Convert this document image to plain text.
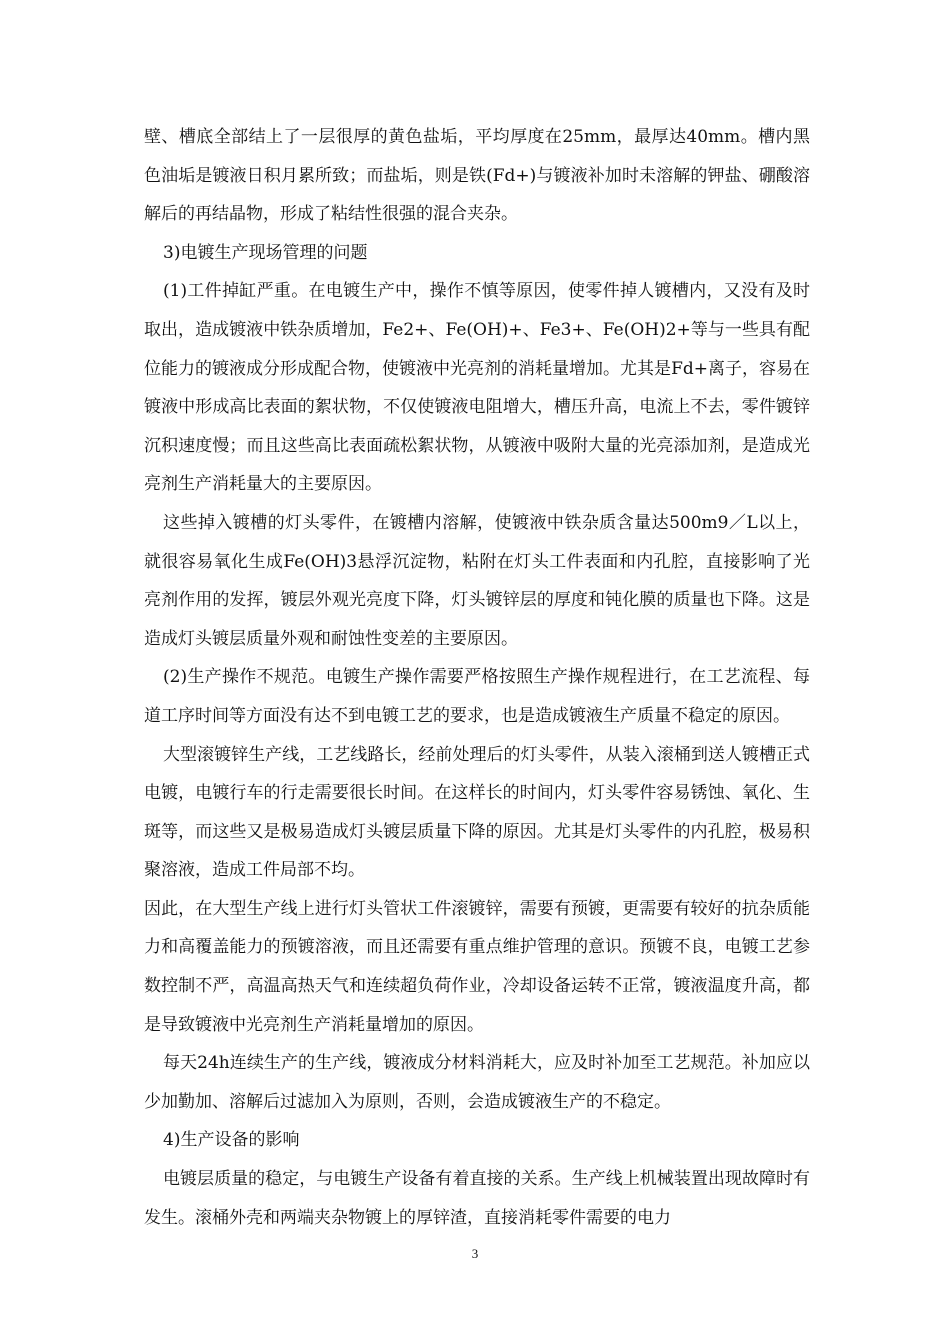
壁、槽底全部结上了一层很厚的黄色盐垢，平均厚度在25mm，最厚达40mm。槽内黑色油垢是镀液日积月累所致；而盐垢，则是铁(Fd+)与镀液补加时未溶解的钾盐、硼酸溶解后的再结晶物，形成了粘结性很强的混合夹杂。

3)电镀生产现场管理的问题

(1)工件掉缸严重。在电镀生产中，操作不慎等原因，使零件掉人镀槽内，又没有及时取出，造成镀液中铁杂质增加，Fe2+、Fe(OH)+、Fe3+、Fe(OH)2+等与一些具有配位能力的镀液成分形成配合物，使镀液中光亮剂的消耗量增加。尤其是Fd+离子，容易在镀液中形成高比表面的絮状物，不仅使镀液电阻增大，槽压升高，电流上不去，零件镀锌沉积速度慢；而且这些高比表面疏松絮状物，从镀液中吸附大量的光亮添加剂，是造成光亮剂生产消耗量大的主要原因。

这些掉入镀槽的灯头零件，在镀槽内溶解，使镀液中铁杂质含量达500m9／L以上，就很容易氧化生成Fe(OH)3悬浮沉淀物，粘附在灯头工件表面和内孔腔，直接影响了光亮剂作用的发挥，镀层外观光亮度下降，灯头镀锌层的厚度和钝化膜的质量也下降。这是造成灯头镀层质量外观和耐蚀性变差的主要原因。

(2)生产操作不规范。电镀生产操作需要严格按照生产操作规程进行，在工艺流程、每道工序时间等方面没有达不到电镀工艺的要求，也是造成镀液生产质量不稳定的原因。

大型滚镀锌生产线，工艺线路长，经前处理后的灯头零件，从装入滚桶到送人镀槽正式电镀，电镀行车的行走需要很长时间。在这样长的时间内，灯头零件容易锈蚀、氧化、生斑等，而这些又是极易造成灯头镀层质量下降的原因。尤其是灯头零件的内孔腔，极易积聚溶液，造成工件局部不均。

因此，在大型生产线上进行灯头管状工件滚镀锌，需要有预镀，更需要有较好的抗杂质能力和高覆盖能力的预镀溶液，而且还需要有重点维护管理的意识。预镀不良，电镀工艺参数控制不严，高温高热天气和连续超负荷作业，冷却设备运转不正常，镀液温度升高，都是导致镀液中光亮剂生产消耗量增加的原因。

每天24h连续生产的生产线，镀液成分材料消耗大，应及时补加至工艺规范。补加应以少加勤加、溶解后过滤加入为原则，否则，会造成镀液生产的不稳定。

4)生产设备的影响

电镀层质量的稳定，与电镀生产设备有着直接的关系。生产线上机械装置出现故障时有发生。滚桶外壳和两端夹杂物镀上的厚锌渣，直接消耗零件需要的电力

3
